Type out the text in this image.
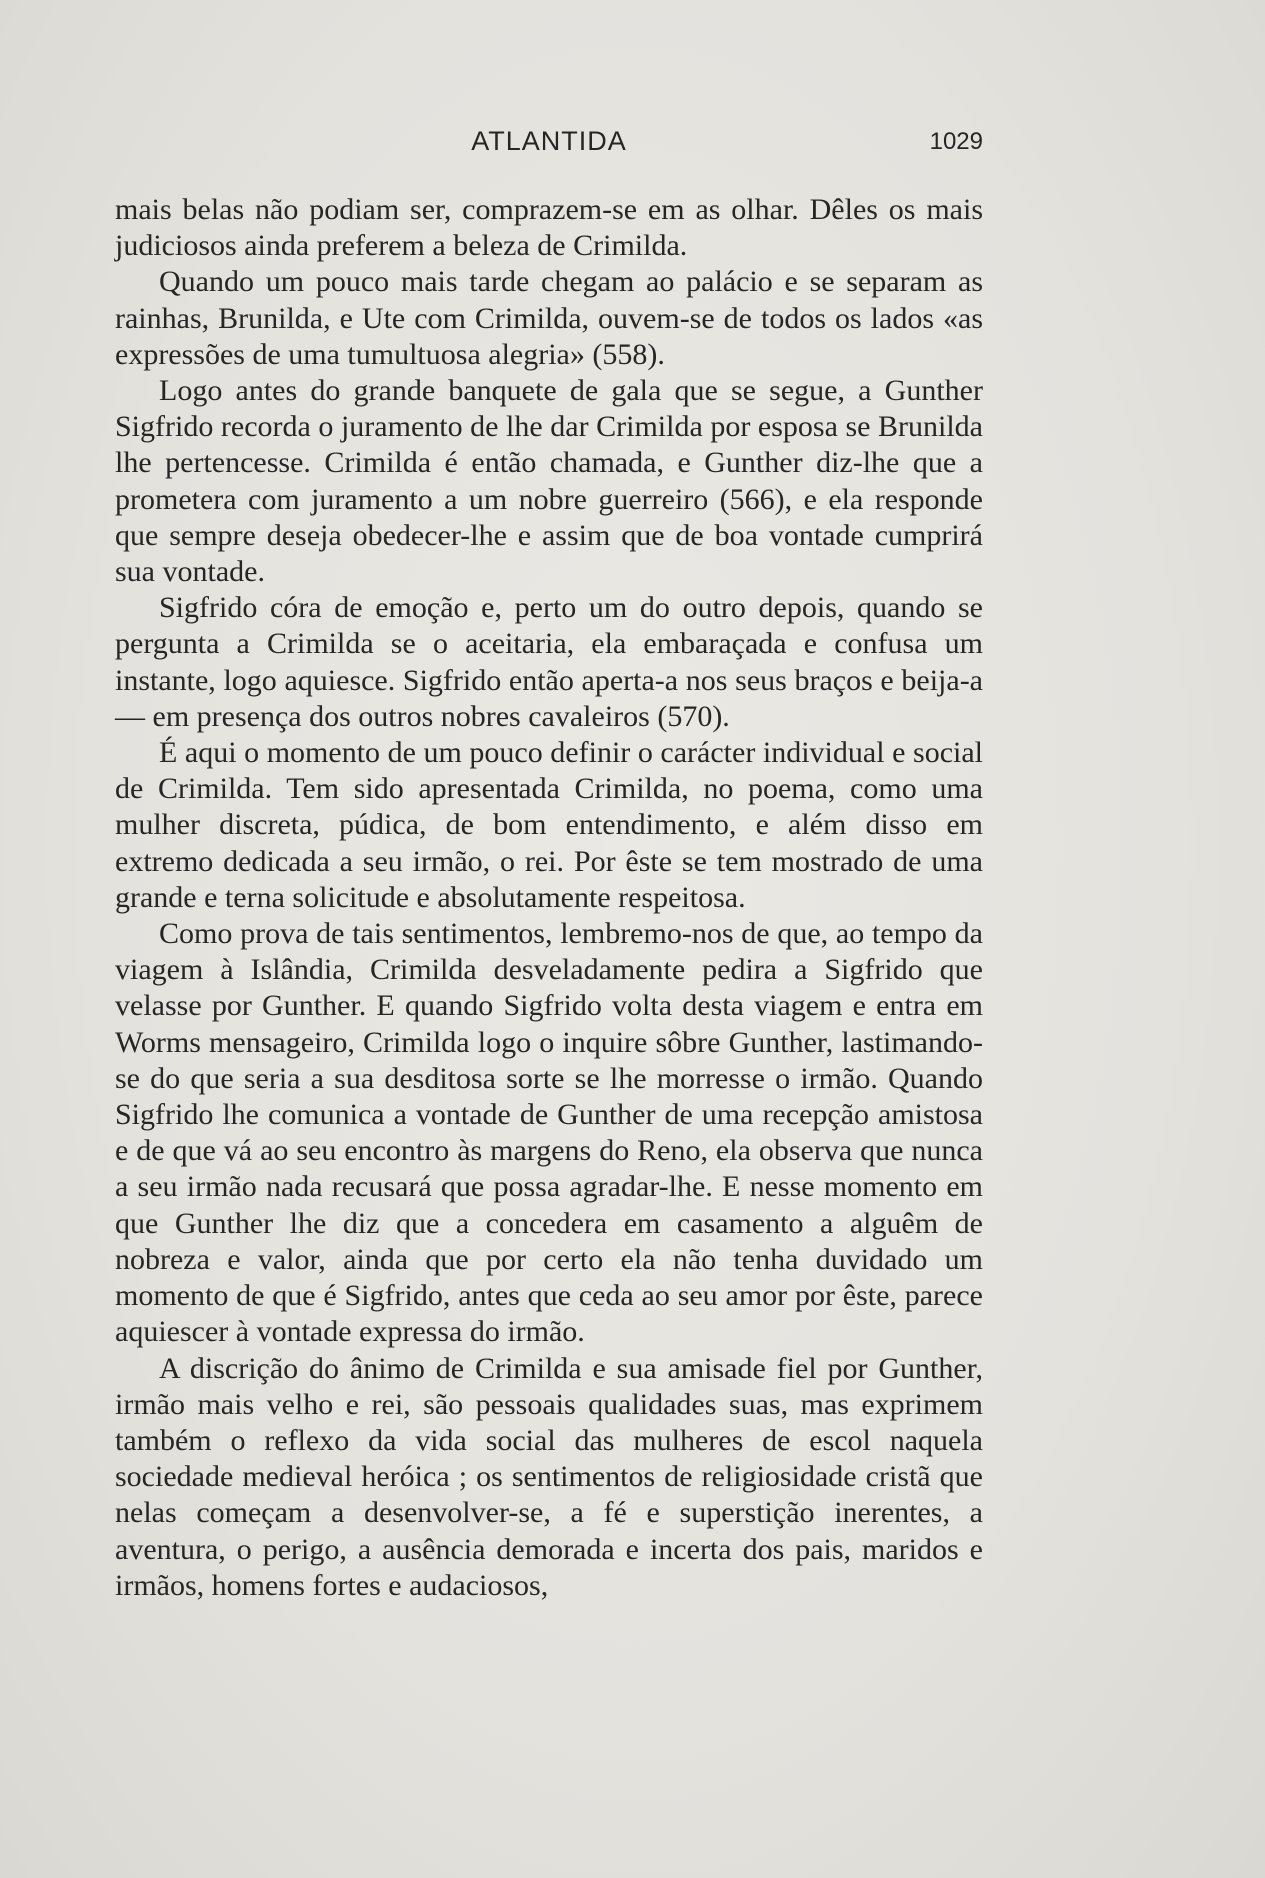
ATLANTIDA	1029

mais belas não podiam ser, comprazem-se em as olhar. Dêles os mais judiciosos ainda preferem a beleza de Crimilda.

Quando um pouco mais tarde chegam ao palácio e se separam as rainhas, Brunilda, e Ute com Crimilda, ouvem-se de todos os lados «as expressões de uma tumultuosa alegria» (558).

Logo antes do grande banquete de gala que se segue, a Gunther Sigfrido recorda o juramento de lhe dar Crimilda por esposa se Brunilda lhe pertencesse. Crimilda é então chamada, e Gunther diz-lhe que a prometera com juramento a um nobre guerreiro (566), e ela responde que sempre deseja obedecer-lhe e assim que de boa vontade cumprirá sua vontade.

Sigfrido córa de emoção e, perto um do outro depois, quando se pergunta a Crimilda se o aceitaria, ela embaraçada e confusa um instante, logo aquiesce. Sigfrido então aperta-a nos seus braços e beija-a — em presença dos outros nobres cavaleiros (570).

É aqui o momento de um pouco definir o carácter individual e social de Crimilda. Tem sido apresentada Crimilda, no poema, como uma mulher discreta, púdica, de bom entendimento, e além disso em extremo dedicada a seu irmão, o rei. Por êste se tem mostrado de uma grande e terna solicitude e absolutamente respeitosa.

Como prova de tais sentimentos, lembremo-nos de que, ao tempo da viagem à Islândia, Crimilda desveladamente pedira a Sigfrido que velasse por Gunther. E quando Sigfrido volta desta viagem e entra em Worms mensageiro, Crimilda logo o inquire sôbre Gunther, lastimando-se do que seria a sua desditosa sorte se lhe morresse o irmão. Quando Sigfrido lhe comunica a vontade de Gunther de uma recepção amistosa e de que vá ao seu encontro às margens do Reno, ela observa que nunca a seu irmão nada recusará que possa agradar-lhe. E nesse momento em que Gunther lhe diz que a concedera em casamento a alguêm de nobreza e valor, ainda que por certo ela não tenha duvidado um momento de que é Sigfrido, antes que ceda ao seu amor por êste, parece aquiescer à vontade expressa do irmão.

A discrição do ânimo de Crimilda e sua amisade fiel por Gunther, irmão mais velho e rei, são pessoais qualidades suas, mas exprimem também o reflexo da vida social das mulheres de escol naquela sociedade medieval heróica ; os sentimentos de religiosidade cristã que nelas começam a desenvolver-se, a fé e superstição inerentes, a aventura, o perigo, a ausência demorada e incerta dos pais, maridos e irmãos, homens fortes e audaciosos,
